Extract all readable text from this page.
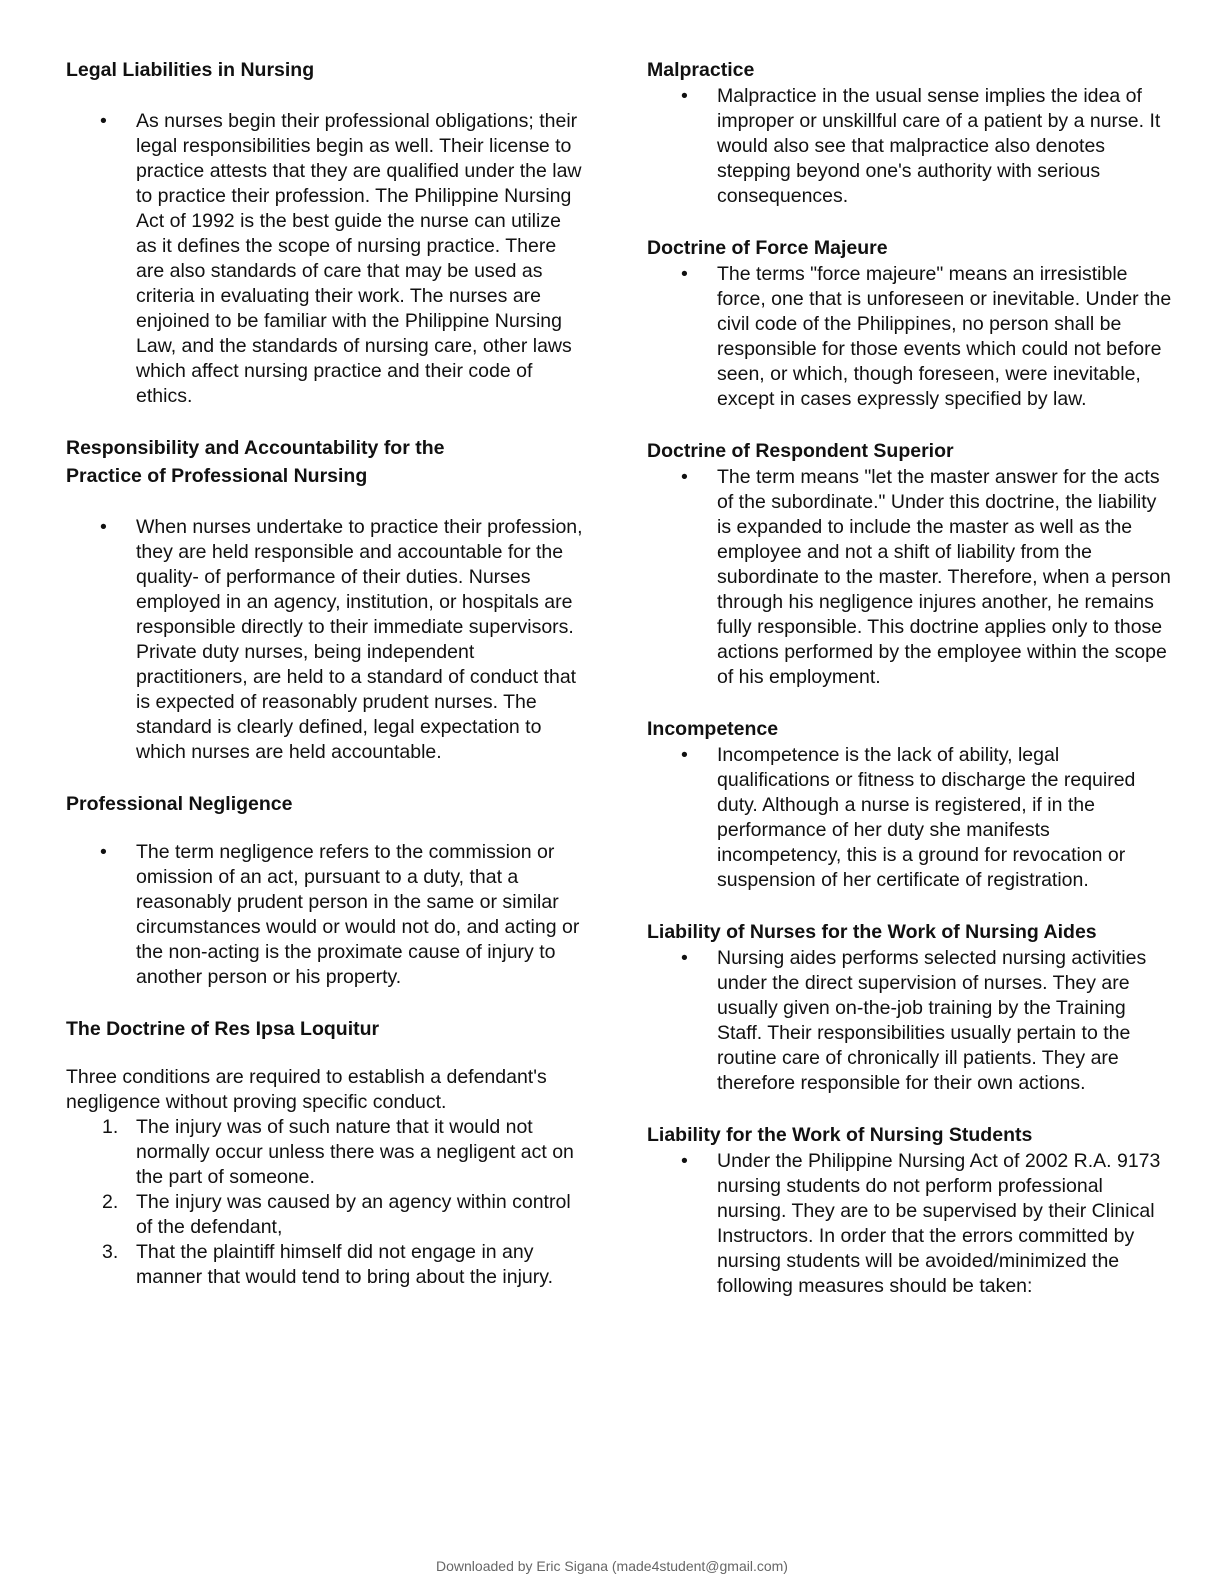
Legal Liabilities in Nursing

• As nurses begin their professional obligations; their legal responsibilities begin as well. Their license to practice attests that they are qualified under the law to practice their profession. The Philippine Nursing Act of 1992 is the best guide the nurse can utilize as it defines the scope of nursing practice. There are also standards of care that may be used as criteria in evaluating their work. The nurses are enjoined to be familiar with the Philippine Nursing Law, and the standards of nursing care, other laws which affect nursing practice and their code of ethics.

Responsibility and Accountability for the

Practice of Professional Nursing

• When nurses undertake to practice their profession, they are held responsible and accountable for the quality- of performance of their duties. Nurses employed in an agency, institution, or hospitals are responsible directly to their immediate supervisors. Private duty nurses, being independent practitioners, are held to a standard of conduct that is expected of reasonably prudent nurses. The standard is clearly defined, legal expectation to which nurses are held accountable.

Professional Negligence

• The term negligence refers to the commission or omission of an act, pursuant to a duty, that a reasonably prudent person in the same or similar circumstances would or would not do, and acting or the non-acting is the proximate cause of injury to another person or his property.

The Doctrine of Res Ipsa Loquitur

Three conditions are required to establish a defendant's negligence without proving specific conduct.

1. The injury was of such nature that it would not normally occur unless there was a negligent act on the part of someone.
2. The injury was caused by an agency within control of the defendant,
3. That the plaintiff himself did not engage in any manner that would tend to bring about the injury.

Malpractice

• Malpractice in the usual sense implies the idea of improper or unskillful care of a patient by a nurse. It would also see that malpractice also denotes stepping beyond one's authority with serious consequences.

Doctrine of Force Majeure

• The terms "force majeure" means an irresistible force, one that is unforeseen or inevitable. Under the civil code of the Philippines, no person shall be responsible for those events which could not before seen, or which, though foreseen, were inevitable, except in cases expressly specified by law.

Doctrine of Respondent Superior

• The term means "let the master answer for the acts of the subordinate." Under this doctrine, the liability is expanded to include the master as well as the employee and not a shift of liability from the subordinate to the master. Therefore, when a person through his negligence injures another, he remains fully responsible. This doctrine applies only to those actions performed by the employee within the scope of his employment.

Incompetence

• Incompetence is the lack of ability, legal qualifications or fitness to discharge the required duty. Although a nurse is registered, if in the performance of her duty she manifests incompetency, this is a ground for revocation or suspension of her certificate of registration.

Liability of Nurses for the Work of Nursing Aides

• Nursing aides performs selected nursing activities under the direct supervision of nurses. They are usually given on-the-job training by the Training Staff. Their responsibilities usually pertain to the routine care of chronically ill patients. They are therefore responsible for their own actions.

Liability for the Work of Nursing Students

• Under the Philippine Nursing Act of 2002 R.A. 9173 nursing students do not perform professional nursing. They are to be supervised by their Clinical Instructors. In order that the errors committed by nursing students will be avoided/minimized the following measures should be taken:
Downloaded by Eric Sigana (made4student@gmail.com)
